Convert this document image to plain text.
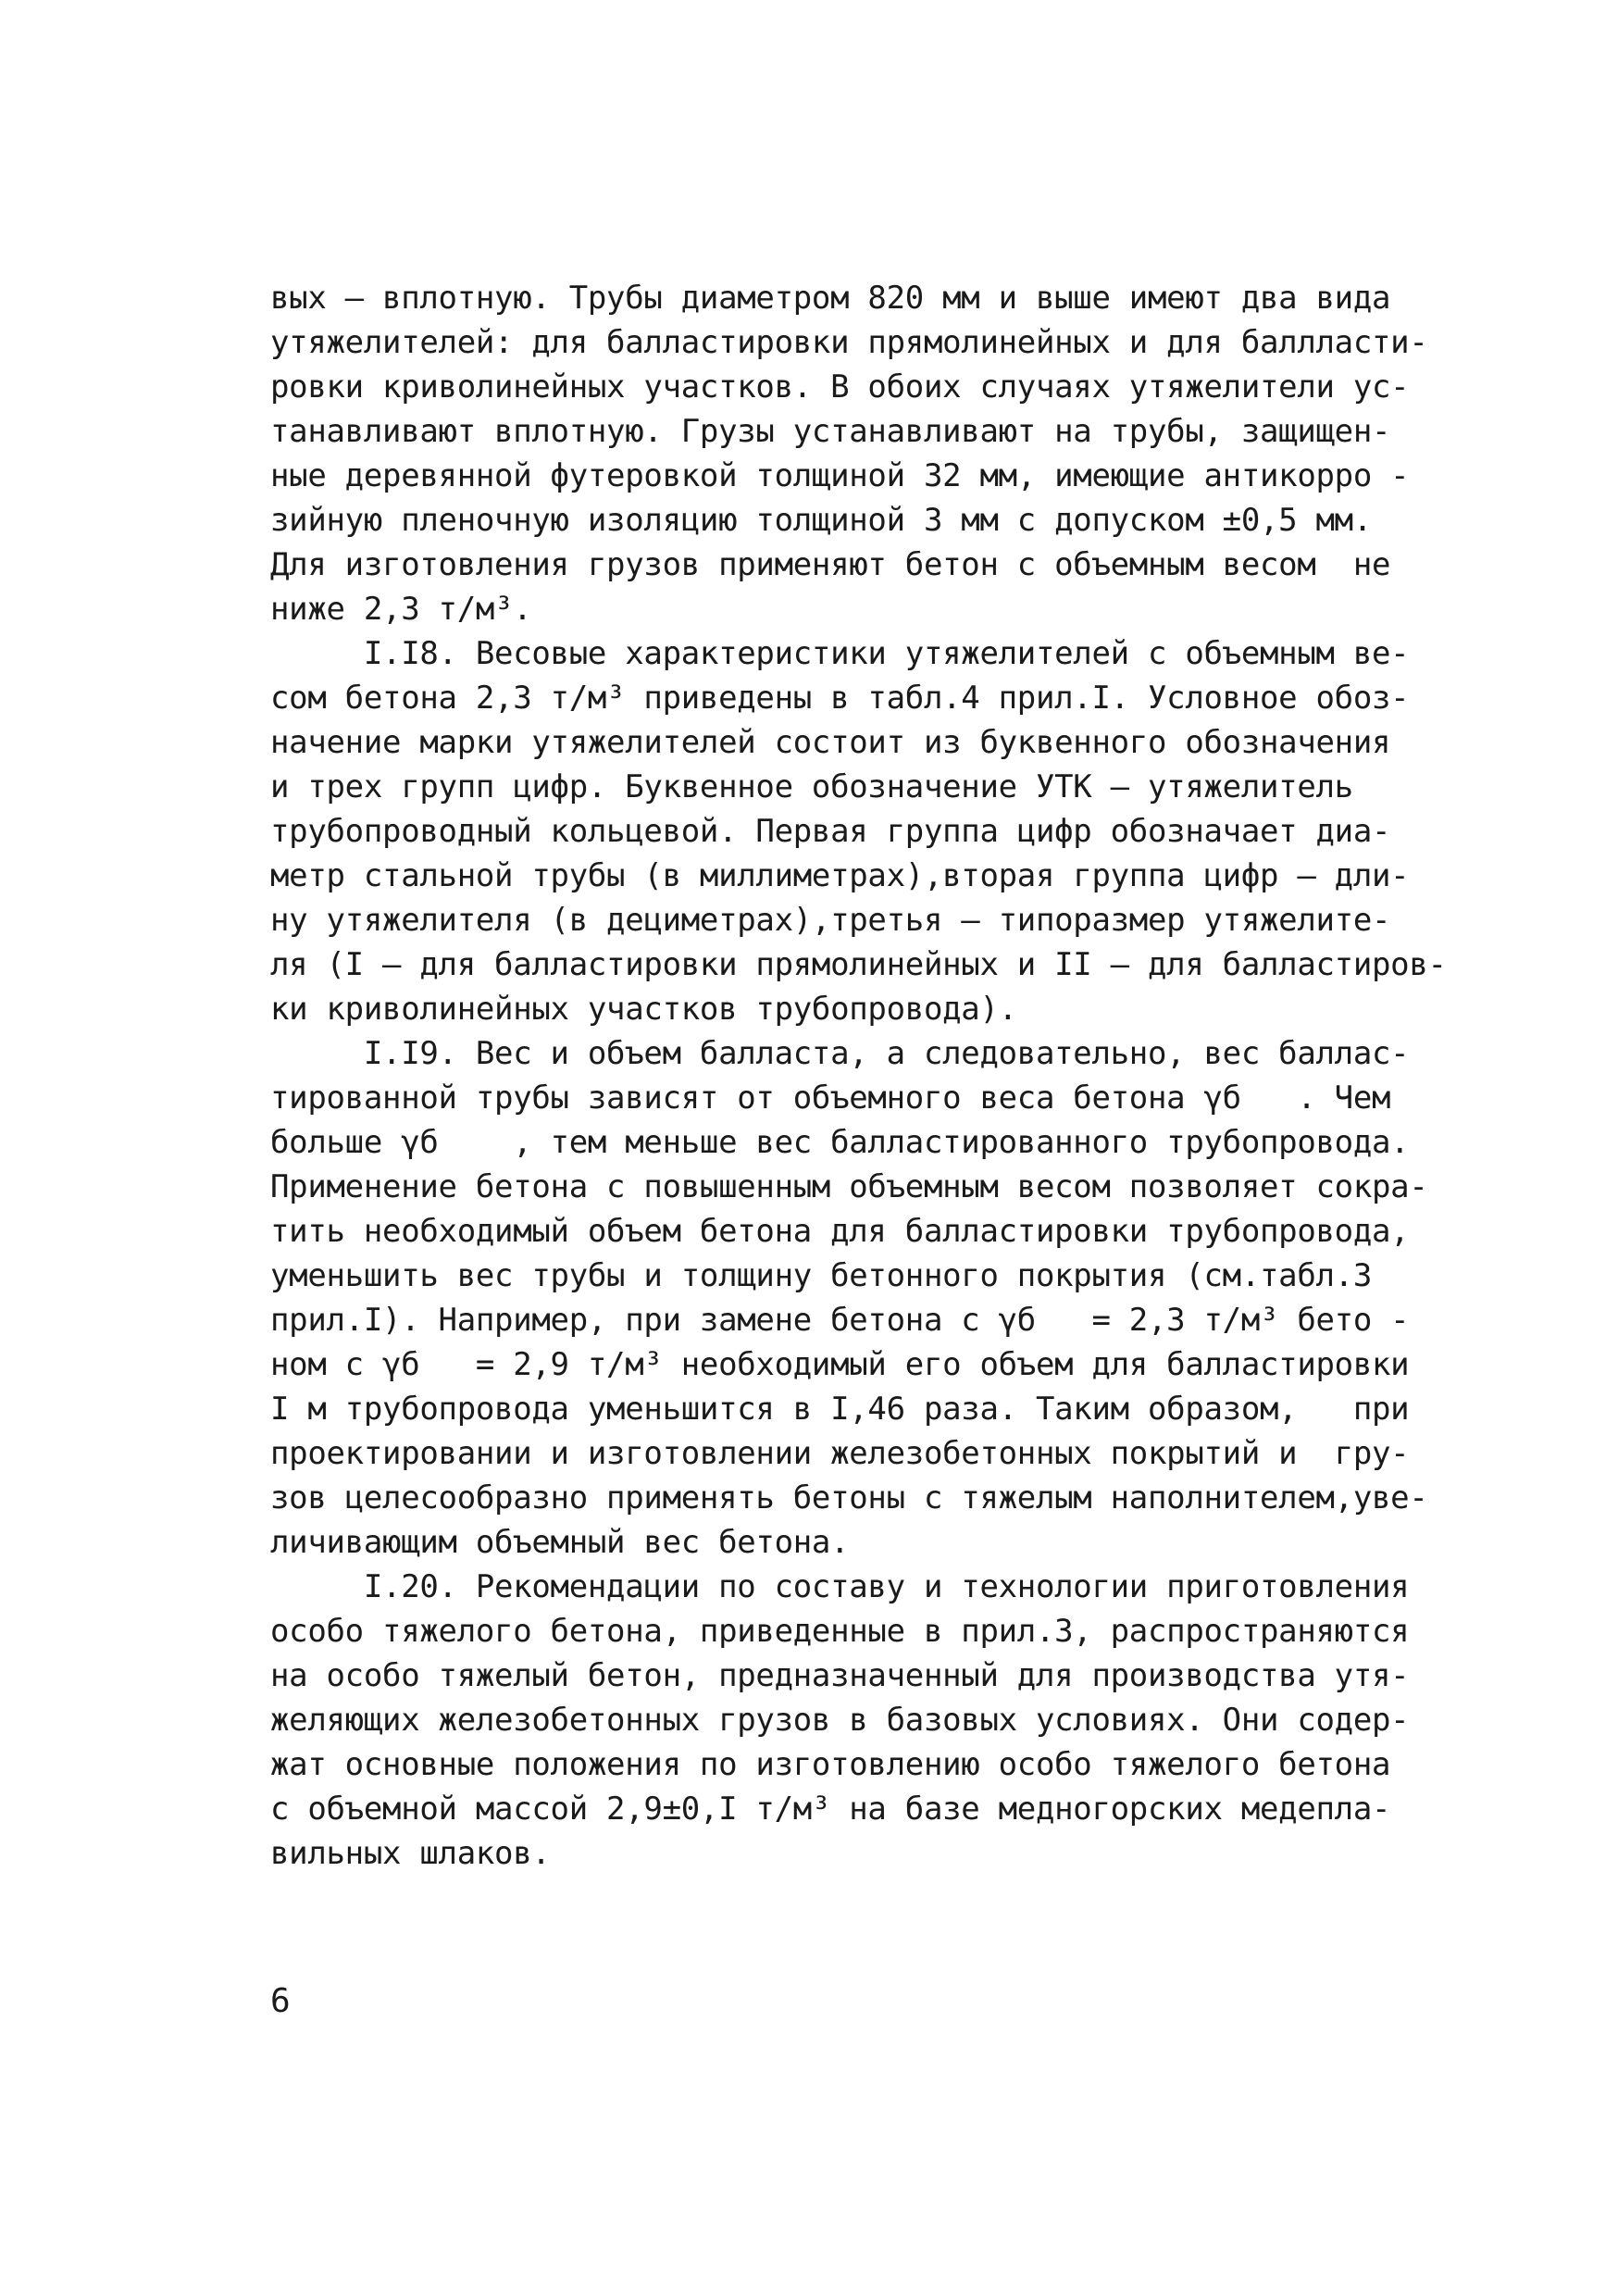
вых – вплотную. Трубы диаметром 820 мм и выше имеют два вида
утяжелителей: для балластировки прямолинейных и для баллласти-
ровки криволинейных участков. В обоих случаях утяжелители ус-
танавливают вплотную. Грузы устанавливают на трубы, защищен-
ные деревянной футеровкой толщиной 32 мм, имеющие антикорро -
зийную пленочную изоляцию толщиной 3 мм с допуском ±0,5 мм.
Для изготовления грузов применяют бетон с объемным весом  не
ниже 2,3 т/м³.
I.I8. Весовые характеристики утяжелителей с объемным ве-
сом бетона 2,3 т/м³ приведены в табл.4 прил.I. Условное обоз-
начение марки утяжелителей состоит из буквенного обозначения
и трех групп цифр. Буквенное обозначение УТК – утяжелитель
трубопроводный кольцевой. Первая группа цифр обозначает диа-
метр стальной трубы (в миллиметрах),вторая группа цифр – дли-
ну утяжелителя (в дециметрах),третья – типоразмер утяжелите-
ля (I – для балластировки прямолинейных и II – для балластиров-
ки криволинейных участков трубопровода).
I.I9. Вес и объем балласта, а следовательно, вес баллас-
тированной трубы зависят от объемного веса бетона γб   . Чем
больше γб    , тем меньше вес балластированного трубопровода.
Применение бетона с повышенным объемным весом позволяет сокра-
тить необходимый объем бетона для балластировки трубопровода,
уменьшить вес трубы и толщину бетонного покрытия (см.табл.3
прил.I). Например, при замене бетона с γб   = 2,3 т/м³ бето -
ном с γб   = 2,9 т/м³ необходимый его объем для балластировки
I м трубопровода уменьшится в I,46 раза. Таким образом,   при
проектировании и изготовлении железобетонных покрытий и  гру-
зов целесообразно применять бетоны с тяжелым наполнителем,уве-
личивающим объемный вес бетона.
I.20. Рекомендации по составу и технологии приготовления
особо тяжелого бетона, приведенные в прил.3, распространяются
на особо тяжелый бетон, предназначенный для производства утя-
желяющих железобетонных грузов в базовых условиях. Они содер-
жат основные положения по изготовлению особо тяжелого бетона
с объемной массой 2,9±0,I т/м³ на базе медногорских медепла-
вильных шлаков.
6
